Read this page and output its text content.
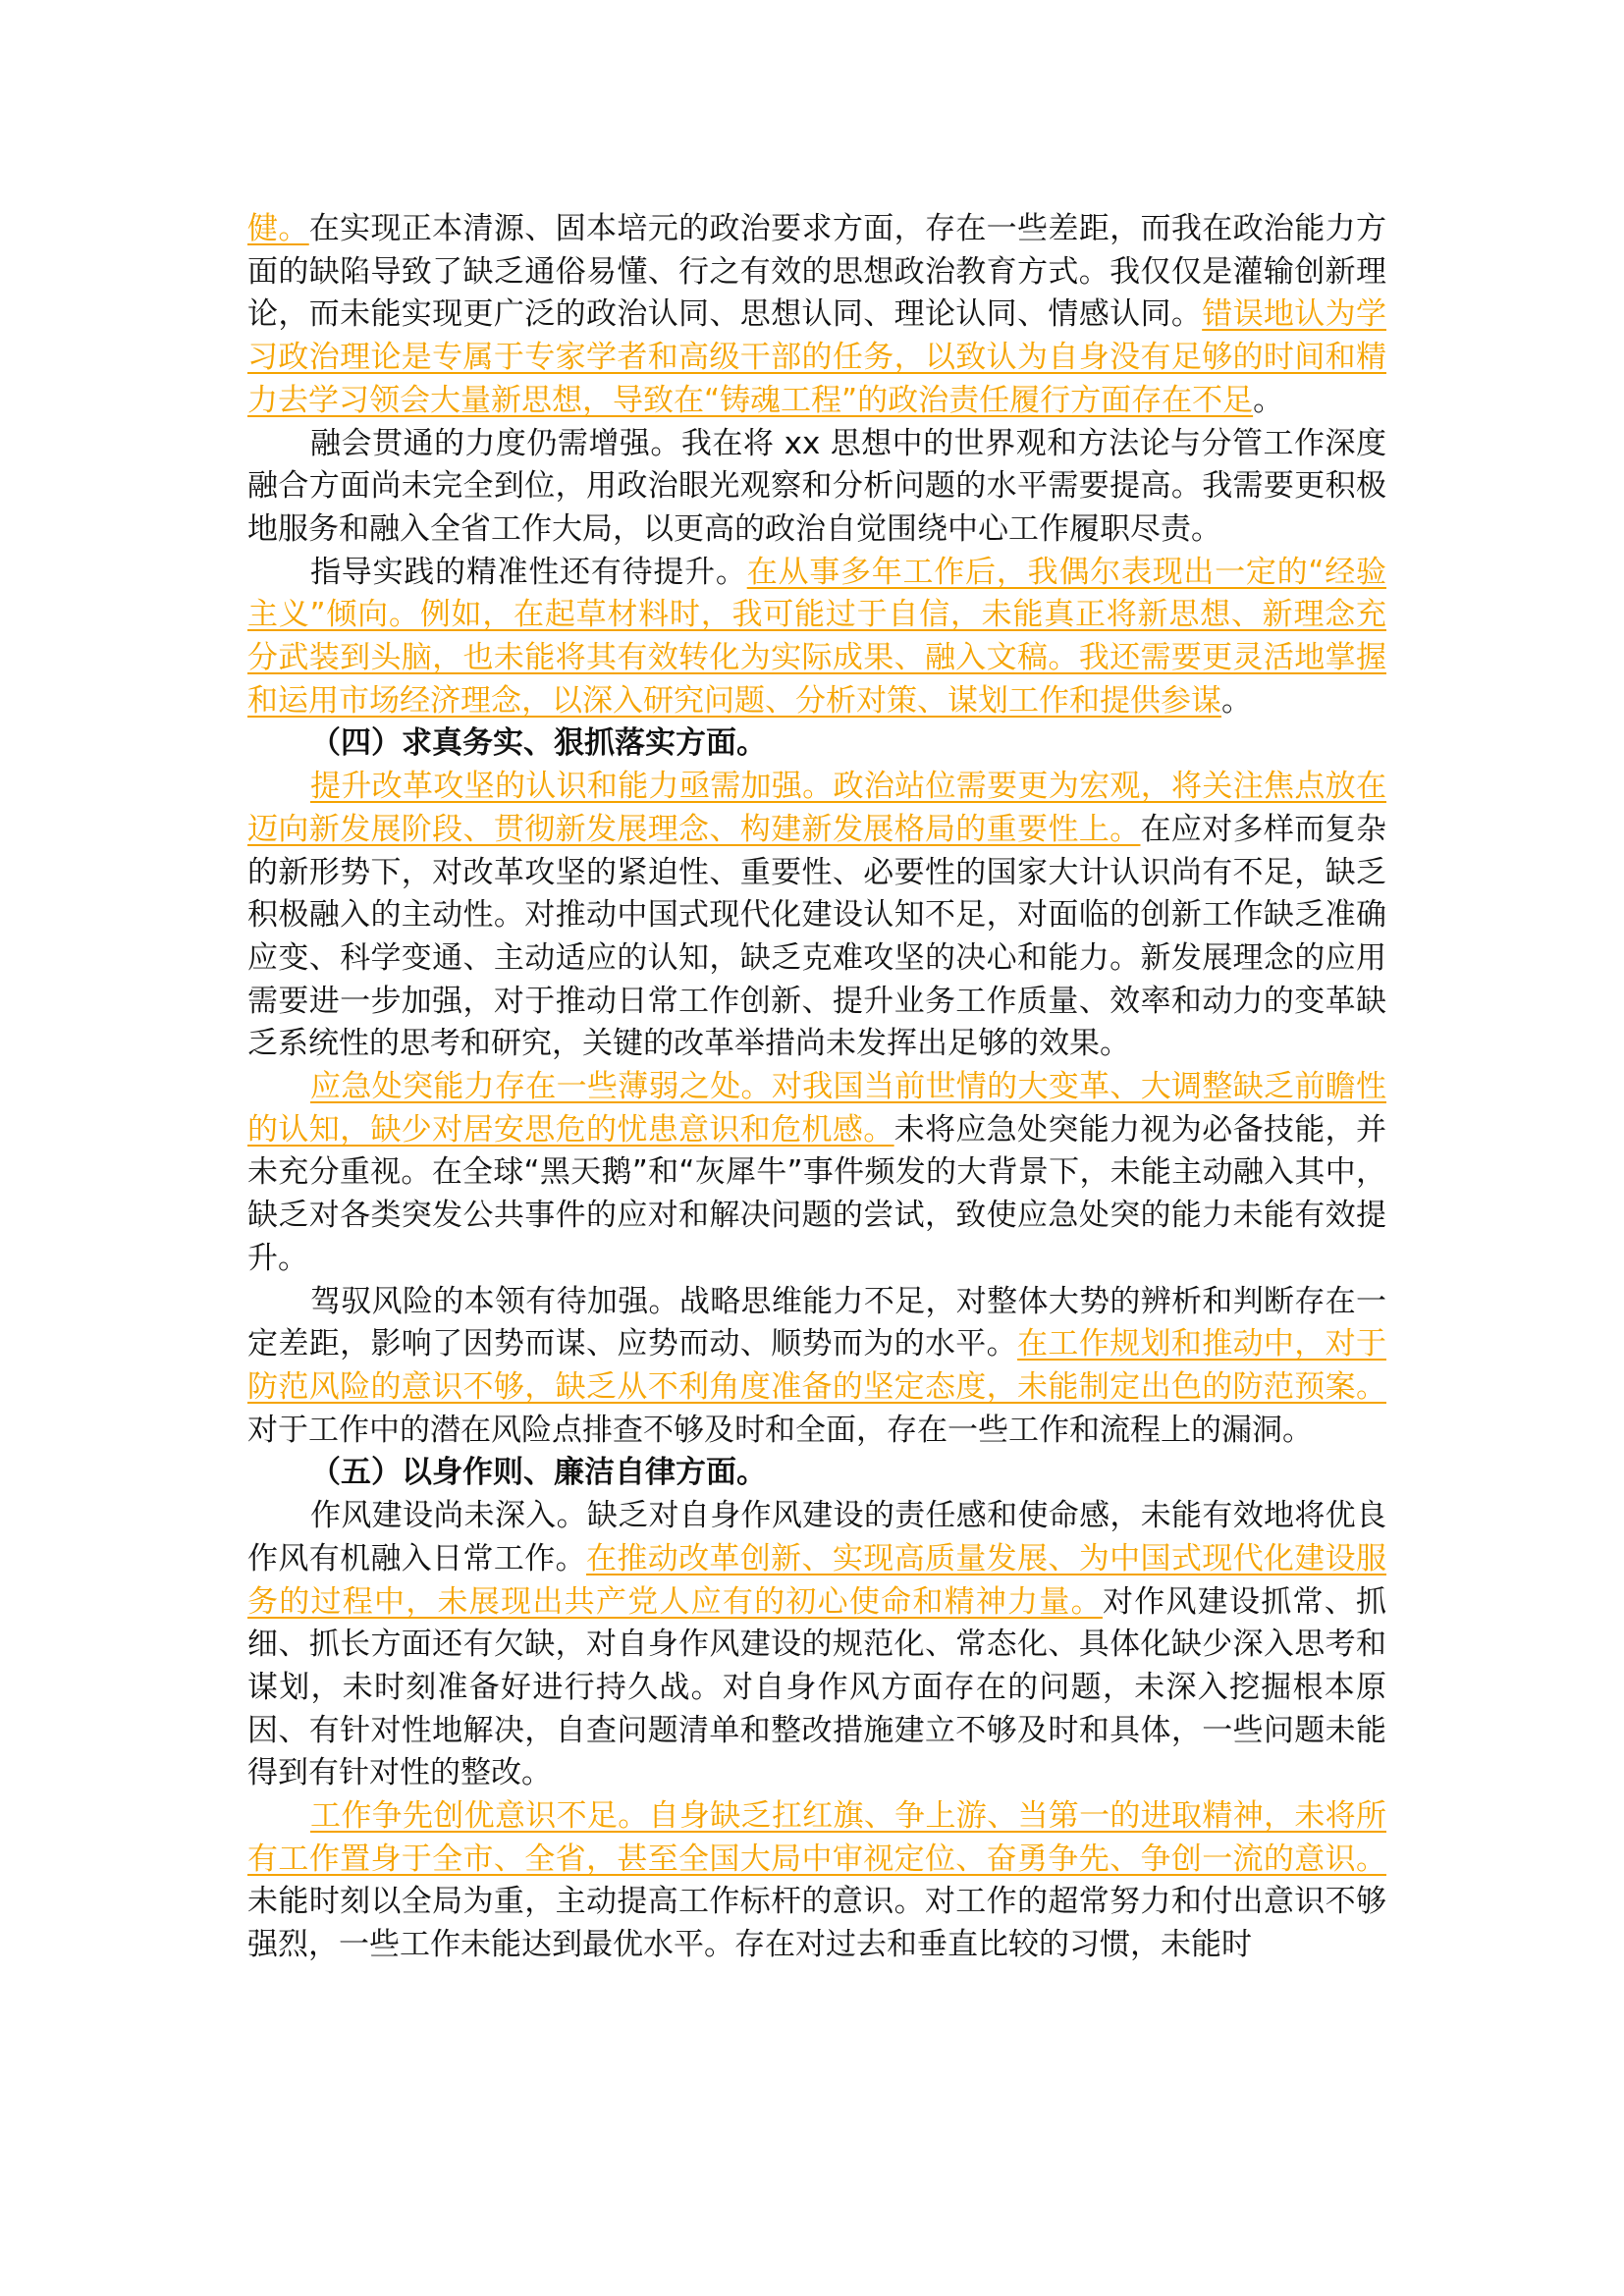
健。在实现正本清源、固本培元的政治要求方面，存在一些差距，而我在政治能力方面的缺陷导致了缺乏通俗易懂、行之有效的思想政治教育方式。我仅仅是灌输创新理论，而未能实现更广泛的政治认同、思想认同、理论认同、情感认同。错误地认为学习政治理论是专属于专家学者和高级干部的任务，以致认为自身没有足够的时间和精力去学习领会大量新思想，导致在“铸魂工程”的政治责任履行方面存在不足。

融会贯通的力度仍需增强。我在将 xx 思想中的世界观和方法论与分管工作深度融合方面尚未完全到位，用政治眼光观察和分析问题的水平需要提高。我需要更积极地服务和融入全省工作大局，以更高的政治自觉围绕中心工作履职尽责。

指导实践的精准性还有待提升。在从事多年工作后，我偶尔表现出一定的“经验主义”倾向。例如，在起草材料时，我可能过于自信，未能真正将新思想、新理念充分武装到头脑，也未能将其有效转化为实际成果、融入文稿。我还需要更灵活地掌握和运用市场经济理念，以深入研究问题、分析对策、谋划工作和提供参谋。

（四）求真务实、狠抓落实方面。

提升改革攻坚的认识和能力亟需加强。政治站位需要更为宏观，将关注焦点放在迈向新发展阶段、贯彻新发展理念、构建新发展格局的重要性上。在应对多样而复杂的新形势下，对改革攻坚的紧迫性、重要性、必要性的国家大计认识尚有不足，缺乏积极融入的主动性。对推动中国式现代化建设认知不足，对面临的创新工作缺乏准确应变、科学变通、主动适应的认知，缺乏克难攻坚的决心和能力。新发展理念的应用需要进一步加强，对于推动日常工作创新、提升业务工作质量、效率和动力的变革缺乏系统性的思考和研究，关键的改革举措尚未发挥出足够的效果。

应急处突能力存在一些薄弱之处。对我国当前世情的大变革、大调整缺乏前瞻性的认知，缺少对居安思危的忧患意识和危机感。未将应急处突能力视为必备技能，并未充分重视。在全球“黑天鹅”和“灰犀牛”事件频发的大背景下，未能主动融入其中，缺乏对各类突发公共事件的应对和解决问题的尝试，致使应急处突的能力未能有效提升。

驾驭风险的本领有待加强。战略思维能力不足，对整体大势的辨析和判断存在一定差距，影响了因势而谋、应势而动、顺势而为的水平。在工作规划和推动中，对于防范风险的意识不够，缺乏从不利角度准备的坚定态度，未能制定出色的防范预案。对于工作中的潜在风险点排查不够及时和全面，存在一些工作和流程上的漏洞。

（五）以身作则、廉洁自律方面。

作风建设尚未深入。缺乏对自身作风建设的责任感和使命感，未能有效地将优良作风有机融入日常工作。在推动改革创新、实现高质量发展、为中国式现代化建设服务的过程中，未展现出共产党人应有的初心使命和精神力量。对作风建设抓常、抓细、抓长方面还有欠缺，对自身作风建设的规范化、常态化、具体化缺少深入思考和谋划，未时刻准备好进行持久战。对自身作风方面存在的问题，未深入挖掘根本原因、有针对性地解决，自查问题清单和整改措施建立不够及时和具体，一些问题未能得到有针对性的整改。

工作争先创优意识不足。自身缺乏扛红旗、争上游、当第一的进取精神，未将所有工作置身于全市、全省，甚至全国大局中审视定位、奋勇争先、争创一流的意识。未能时刻以全局为重，主动提高工作标杆的意识。对工作的超常努力和付出意识不够强烈，一些工作未能达到最优水平。存在对过去和垂直比较的习惯，未能时
